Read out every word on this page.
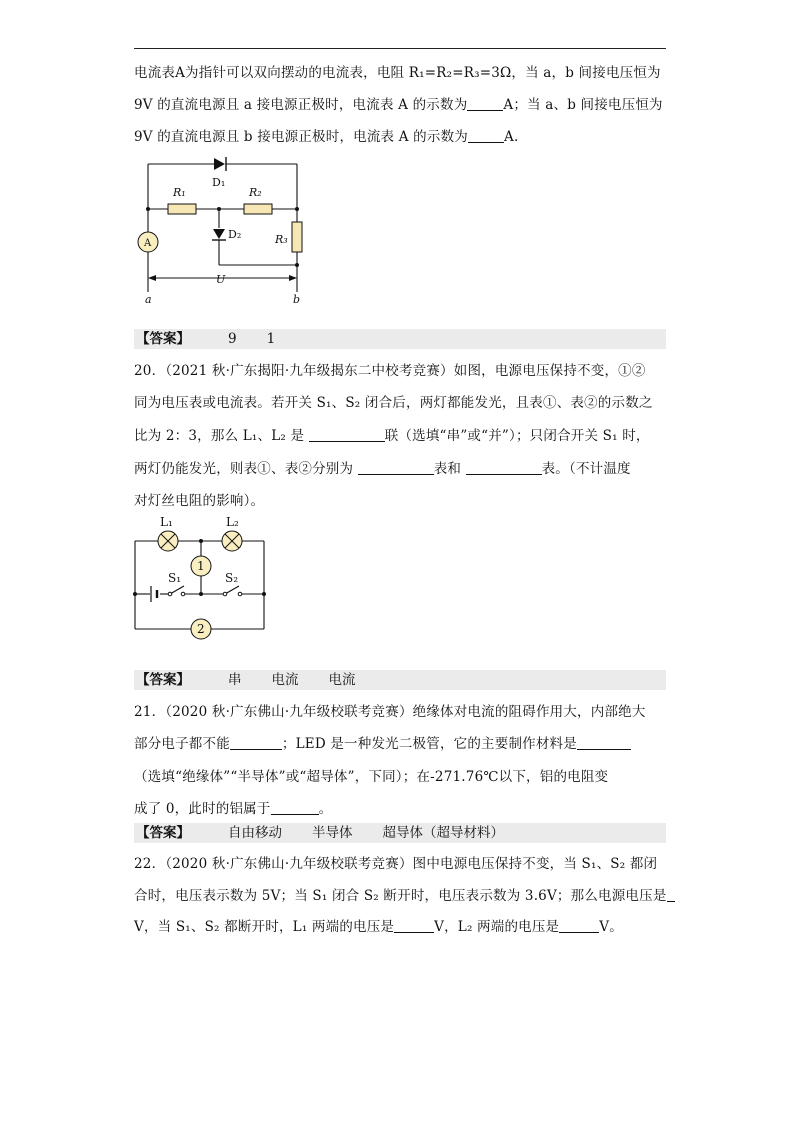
电流表A为指针可以双向摆动的电流表，电阻 R₁=R₂=R₃=3Ω，当 a，b 间接电压恒为
9V 的直流电源且 a 接电源正极时，电流表 A 的示数为	A；当 a、b 间接电压恒为
9V 的直流电源且 b 接电源正极时，电流表 A 的示数为	A.
D₁
R₁	R₂
D₂	R₃
A
U
a	b
【答案】	9 1
20．（2021 秋·广东揭阳·九年级揭东二中校考竞赛）如图，电源电压保持不变，①②
同为电压表或电流表。若开关 S₁、S₂ 闭合后，两灯都能发光，且表①、表②的示数之
比为 2：3，那么 L₁、L₂ 是	联（选填“串”或“并”）；只闭合开关 S₁ 时，
两灯仍能发光，则表①、表②分别为	表和	表。（不计温度
对灯丝电阻的影响）。
L₁	L₂
S₁	S₂
1
2
【答案】	串 电流 电流
21．（2020 秋·广东佛山·九年级校联考竞赛）绝缘体对电流的阻碍作用大，内部绝大
部分电子都不能	；LED 是一种发光二极管，它的主要制作材料是
（选填“绝缘体”“半导体”或“超导体”，下同）；在-271.76℃以下，铝的电阻变
成了 0，此时的铝属于	。
【答案】	自由移动 半导体 超导体（超导材料）
22．（2020 秋·广东佛山·九年级校联考竞赛）图中电源电压保持不变，当 S₁、S₂ 都闭
合时，电压表示数为 5V；当 S₁ 闭合 S₂ 断开时，电压表示数为 3.6V；那么电源电压是
V，当 S₁、S₂ 都断开时，L₁ 两端的电压是	V，L₂ 两端的电压是	V。
